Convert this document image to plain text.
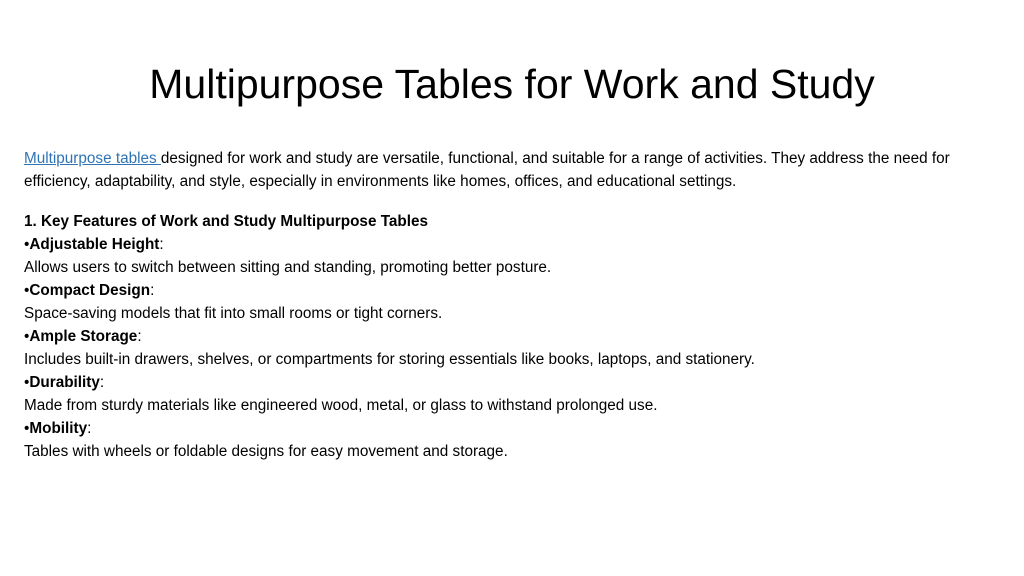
Multipurpose Tables for Work and Study

Multipurpose tables designed for work and study are versatile, functional, and suitable for a range of activities. They address the need for efficiency, adaptability, and style, especially in environments like homes, offices, and educational settings.

1. Key Features of Work and Study Multipurpose Tables

•Adjustable Height:

Allows users to switch between sitting and standing, promoting better posture.

•Compact Design:

Space-saving models that fit into small rooms or tight corners.

•Ample Storage:

Includes built-in drawers, shelves, or compartments for storing essentials like books, laptops, and stationery.

•Durability:

Made from sturdy materials like engineered wood, metal, or glass to withstand prolonged use.

•Mobility:

Tables with wheels or foldable designs for easy movement and storage.
